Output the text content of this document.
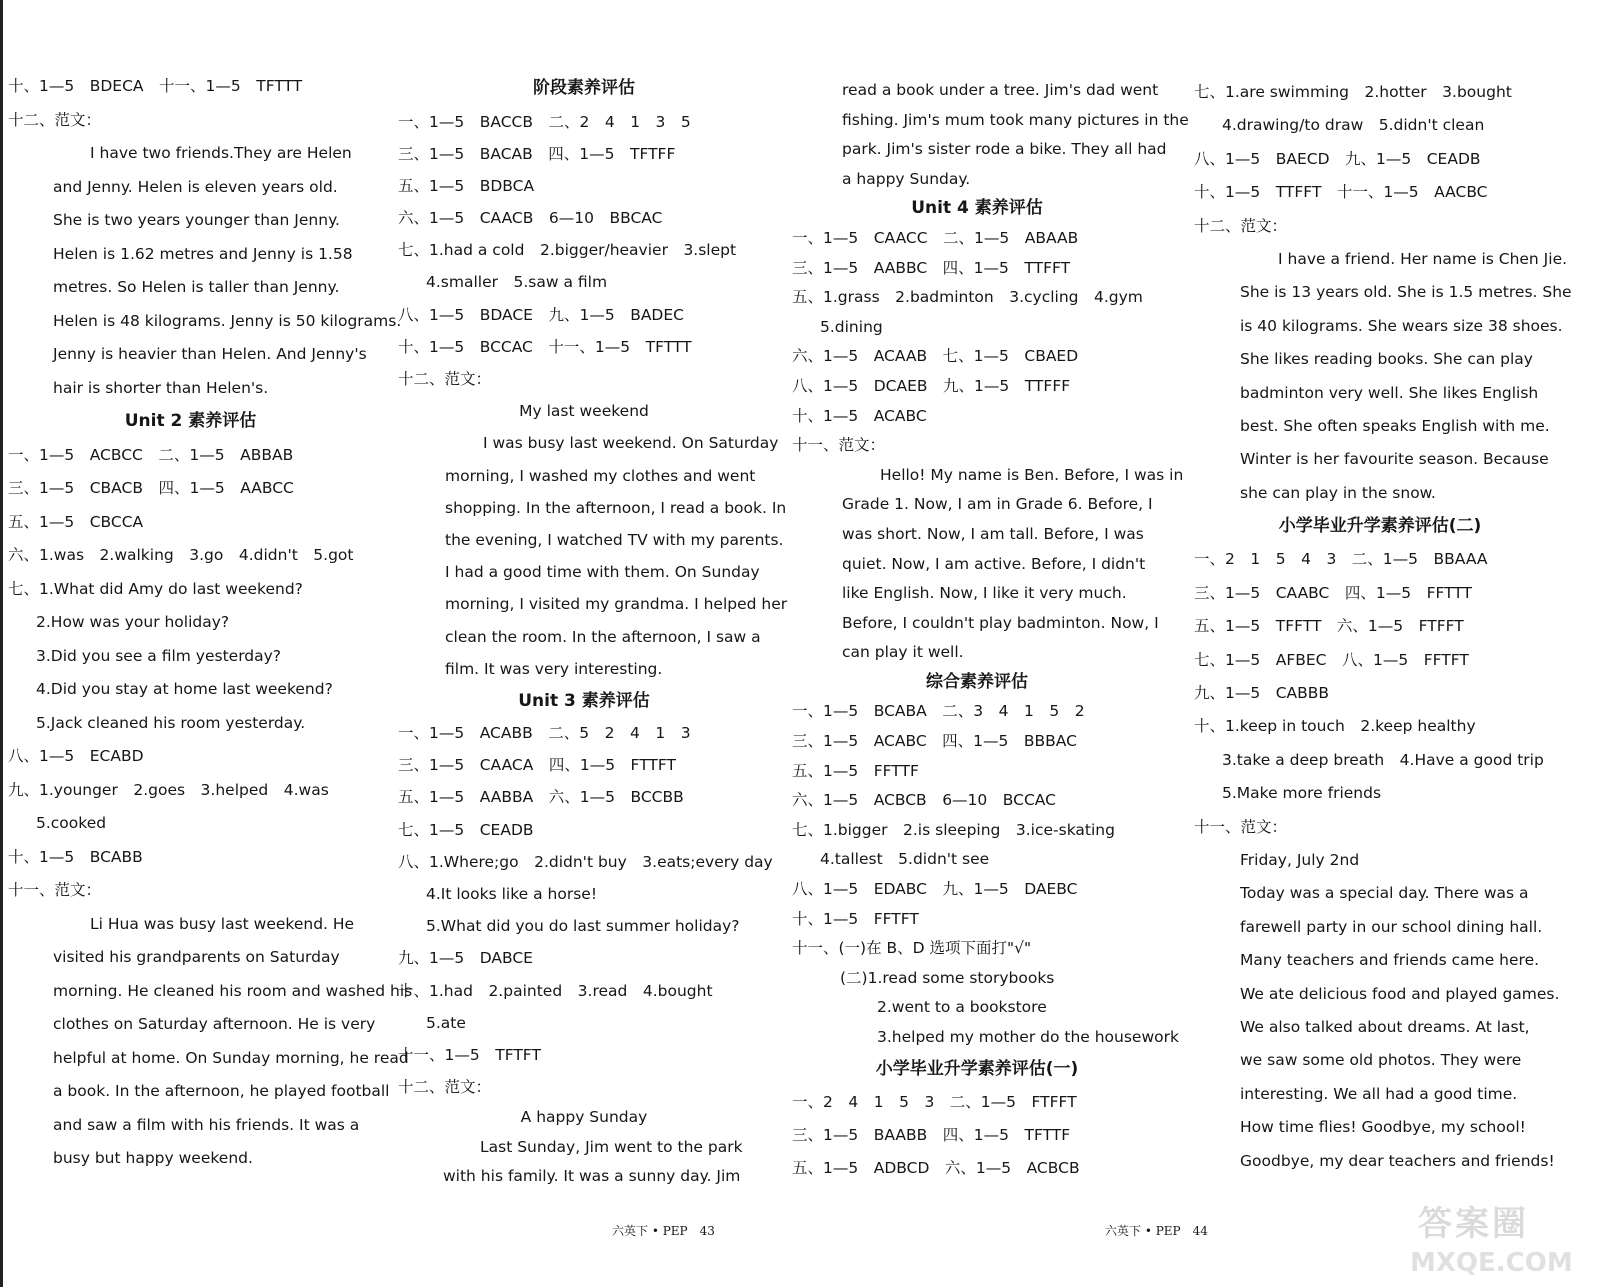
十、1—5　BDECA　十一、1—5　TFTTT
十二、范文：
I have two friends.They are Helen
and Jenny. Helen is eleven years old.
She is two years younger than Jenny.
Helen is 1.62 metres and Jenny is 1.58
metres. So Helen is taller than Jenny.
Helen is 48 kilograms. Jenny is 50 kilograms.
Jenny is heavier than Helen. And Jenny's
hair is shorter than Helen's.
Unit 2 素养评估
一、1—5　ACBCC　二、1—5　ABBAB
三、1—5　CBACB　四、1—5　AABCC
五、1—5　CBCCA
六、1.was　2.walking　3.go　4.didn't　5.got
七、1.What did Amy do last weekend?
2.How was your holiday?
3.Did you see a film yesterday?
4.Did you stay at home last weekend?
5.Jack cleaned his room yesterday.
八、1—5　ECABD
九、1.younger　2.goes　3.helped　4.was
5.cooked
十、1—5　BCABB
十一、范文：
Li Hua was busy last weekend. He
visited his grandparents on Saturday
morning. He cleaned his room and washed his
clothes on Saturday afternoon. He is very
helpful at home. On Sunday morning, he read
a book. In the afternoon, he played football
and saw a film with his friends. It was a
busy but happy weekend.
阶段素养评估
一、1—5　BACCB　二、2　4　1　3　5
三、1—5　BACAB　四、1—5　TFTFF
五、1—5　BDBCA
六、1—5　CAACB　6—10　BBCAC
七、1.had a cold　2.bigger/heavier　3.slept
4.smaller　5.saw a film
八、1—5　BDACE　九、1—5　BADEC
十、1—5　BCCAC　十一、1—5　TFTTT
十二、范文：
My last weekend
I was busy last weekend. On Saturday
morning, I washed my clothes and went
shopping. In the afternoon, I read a book. In
the evening, I watched TV with my parents.
I had a good time with them. On Sunday
morning, I visited my grandma. I helped her
clean the room. In the afternoon, I saw a
film. It was very interesting.
Unit 3 素养评估
一、1—5　ACABB　二、5　2　4　1　3
三、1—5　CAACA　四、1—5　FTTFT
五、1—5　AABBA　六、1—5　BCCBB
七、1—5　CEADB
八、1.Where;go　2.didn't buy　3.eats;every day
4.It looks like a horse!
5.What did you do last summer holiday?
九、1—5　DABCE
十、1.had　2.painted　3.read　4.bought
5.ate
十一、1—5　TFTFT
十二、范文：
A happy Sunday
Last Sunday, Jim went to the park
with his family. It was a sunny day. Jim
read a book under a tree. Jim's dad went
fishing. Jim's mum took many pictures in the
park. Jim's sister rode a bike. They all had
a happy Sunday.
Unit 4 素养评估
一、1—5　CAACC　二、1—5　ABAAB
三、1—5　AABBC　四、1—5　TTFFT
五、1.grass　2.badminton　3.cycling　4.gym
5.dining
六、1—5　ACAAB　七、1—5　CBAED
八、1—5　DCAEB　九、1—5　TTFFF
十、1—5　ACABC
十一、范文：
Hello! My name is Ben. Before, I was in
Grade 1. Now, I am in Grade 6. Before, I
was short. Now, I am tall. Before, I was
quiet. Now, I am active. Before, I didn't
like English. Now, I like it very much.
Before, I couldn't play badminton. Now, I
can play it well.
综合素养评估
一、1—5　BCABA　二、3　4　1　5　2
三、1—5　ACABC　四、1—5　BBBAC
五、1—5　FFTTF
六、1—5　ACBCB　6—10　BCCAC
七、1.bigger　2.is sleeping　3.ice-skating
4.tallest　5.didn't see
八、1—5　EDABC　九、1—5　DAEBC
十、1—5　FFTFT
十一、(一)在 B、D 选项下面打"√"
(二)1.read some storybooks
2.went to a bookstore
3.helped my mother do the housework
小学毕业升学素养评估(一)
一、2　4　1　5　3　二、1—5　FTFFT
三、1—5　BAABB　四、1—5　TFTTF
五、1—5　ADBCD　六、1—5　ACBCB
七、1.are swimming　2.hotter　3.bought
4.drawing/to draw　5.didn't clean
八、1—5　BAECD　九、1—5　CEADB
十、1—5　TTFFT　十一、1—5　AACBC
十二、范文：
I have a friend. Her name is Chen Jie.
She is 13 years old. She is 1.5 metres. She
is 40 kilograms. She wears size 38 shoes.
She likes reading books. She can play
badminton very well. She likes English
best. She often speaks English with me.
Winter is her favourite season. Because
she can play in the snow.
小学毕业升学素养评估(二)
一、2　1　5　4　3　二、1—5　BBAAA
三、1—5　CAABC　四、1—5　FFTTT
五、1—5　TFFTT　六、1—5　FTFFT
七、1—5　AFBEC　八、1—5　FFTFT
九、1—5　CABBB
十、1.keep in touch　2.keep healthy
3.take a deep breath　4.Have a good trip
5.Make more friends
十一、范文：
Friday, July 2nd
Today was a special day. There was a
farewell party in our school dining hall.
Many teachers and friends came here.
We ate delicious food and played games.
We also talked about dreams. At last,
we saw some old photos. They were
interesting. We all had a good time.
How time flies! Goodbye, my school!
Goodbye, my dear teachers and friends!
六英下 • PEP　43	六英下 • PEP　44	答案圈
MXQE.COM
